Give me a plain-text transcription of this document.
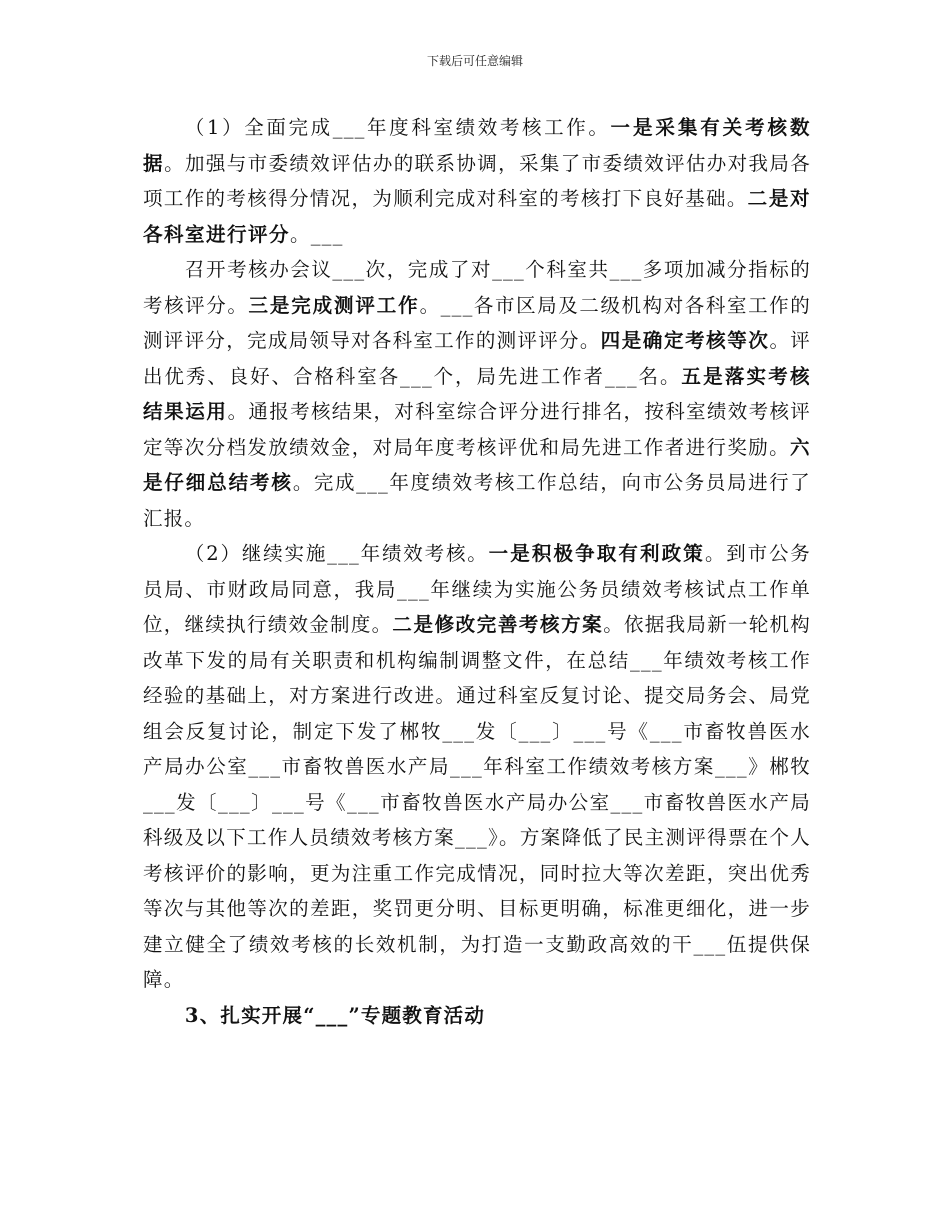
下载后可任意编辑

（1）全面完成___年度科室绩效考核工作。一是采集有关考核数据。加强与市委绩效评估办的联系协调，采集了市委绩效评估办对我局各项工作的考核得分情况，为顺利完成对科室的考核打下良好基础。二是对各科室进行评分。___

召开考核办会议___次，完成了对___个科室共___多项加减分指标的考核评分。三是完成测评工作。___各市区局及二级机构对各科室工作的测评评分，完成局领导对各科室工作的测评评分。四是确定考核等次。评出优秀、良好、合格科室各___个，局先进工作者___名。五是落实考核结果运用。通报考核结果，对科室综合评分进行排名，按科室绩效考核评定等次分档发放绩效金，对局年度考核评优和局先进工作者进行奖励。六是仔细总结考核。完成___年度绩效考核工作总结，向市公务员局进行了汇报。

（2）继续实施___年绩效考核。一是积极争取有利政策。到市公务员局、市财政局同意，我局___年继续为实施公务员绩效考核试点工作单位，继续执行绩效金制度。二是修改完善考核方案。依据我局新一轮机构改革下发的局有关职责和机构编制调整文件，在总结___年绩效考核工作经验的基础上，对方案进行改进。通过科室反复讨论、提交局务会、局党组会反复讨论，制定下发了郴牧___发〔___〕___号《___市畜牧兽医水产局办公室___市畜牧兽医水产局___年科室工作绩效考核方案___》郴牧___发〔___〕___号《___市畜牧兽医水产局办公室___市畜牧兽医水产局科级及以下工作人员绩效考核方案___》。方案降低了民主测评得票在个人考核评价的影响，更为注重工作完成情况，同时拉大等次差距，突出优秀等次与其他等次的差距，奖罚更分明、目标更明确，标准更细化，进一步建立健全了绩效考核的长效机制，为打造一支勤政高效的干___伍提供保障。

3、扎实开展“___”专题教育活动
